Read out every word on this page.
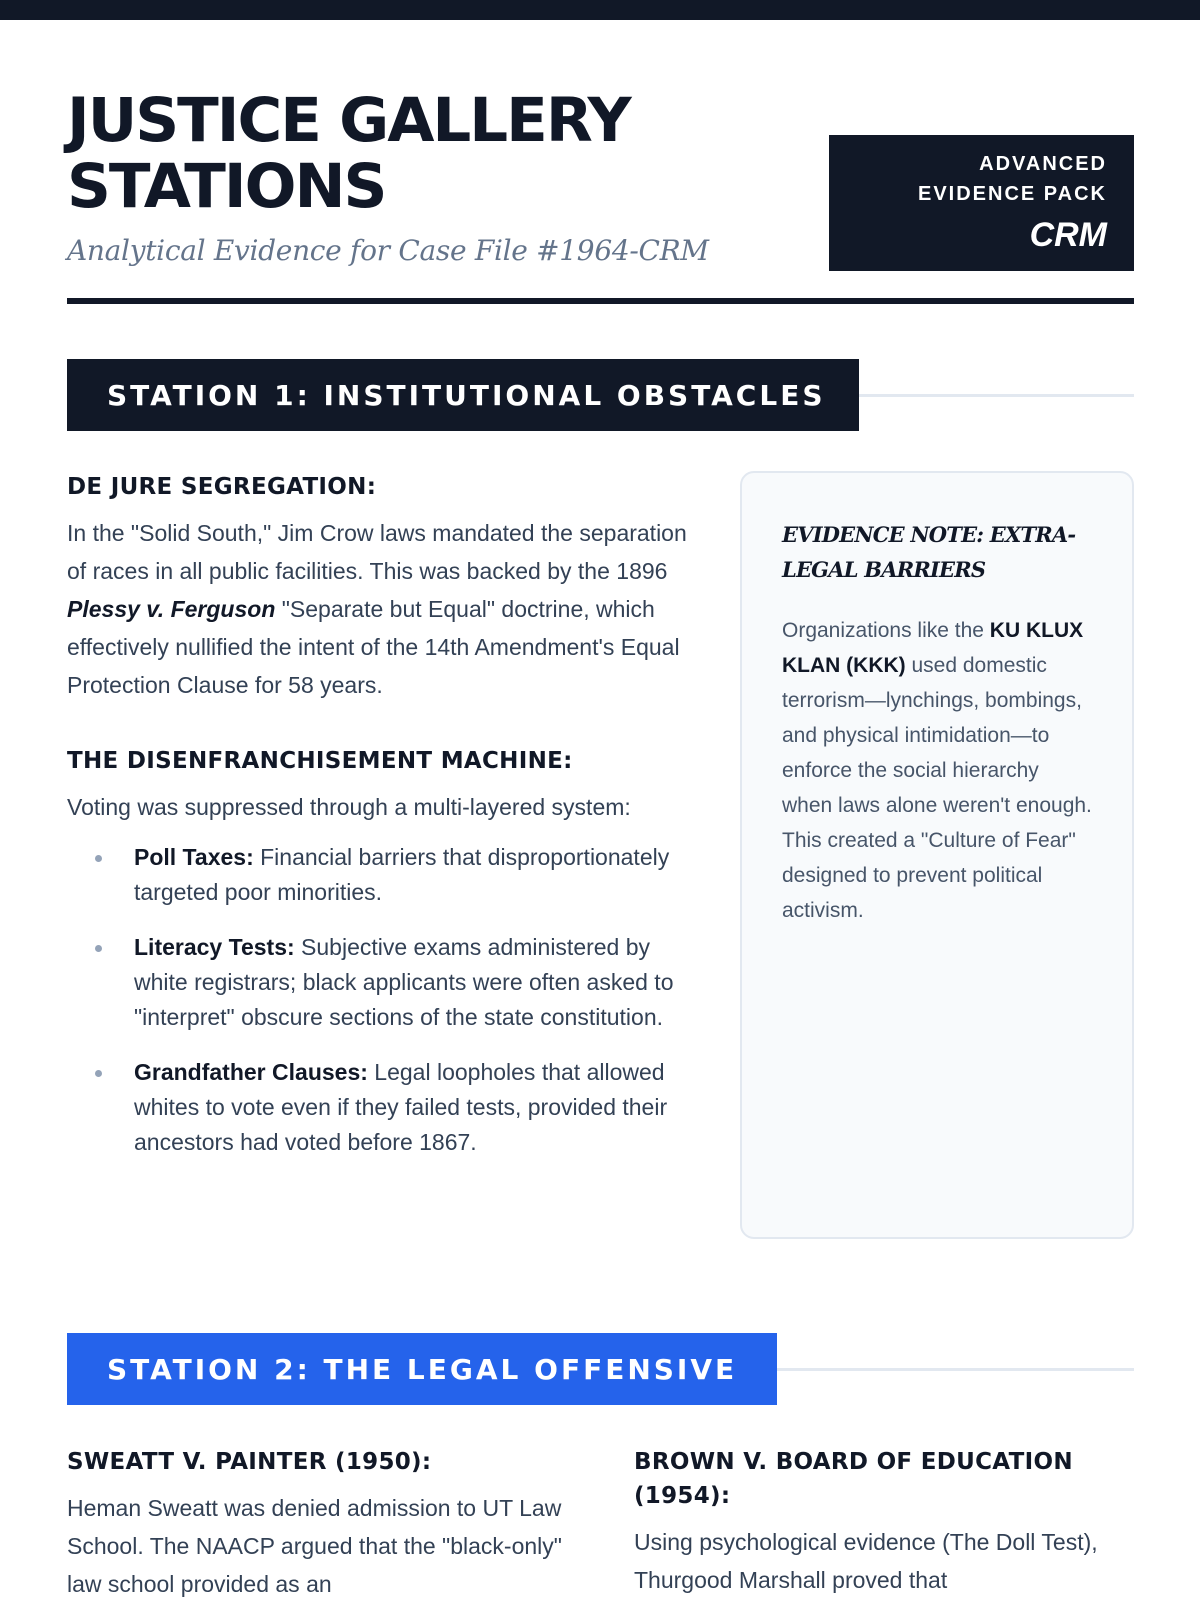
JUSTICE GALLERY
STATIONS
Analytical Evidence for Case File #1964-CRM
ADVANCED
EVIDENCE PACK
CRM
STATION 1: INSTITUTIONAL OBSTACLES
DE JURE SEGREGATION:

In the "Solid South," Jim Crow laws mandated the separation of races in all public facilities. This was backed by the 1896 Plessy v. Ferguson "Separate but Equal" doctrine, which effectively nullified the intent of the 14th Amendment's Equal Protection Clause for 58 years.

THE DISENFRANCHISEMENT MACHINE:

Voting was suppressed through a multi-layered system:

Poll Taxes: Financial barriers that disproportionately targeted poor minorities.
Literacy Tests: Subjective exams administered by white registrars; black applicants were often asked to "interpret" obscure sections of the state constitution.
Grandfather Clauses: Legal loopholes that allowed whites to vote even if they failed tests, provided their ancestors had voted before 1867.
EVIDENCE NOTE: EXTRA-LEGAL BARRIERS

Organizations like the KU KLUX KLAN (KKK) used domestic terrorism—lynchings, bombings, and physical intimidation—to enforce the social hierarchy when laws alone weren't enough. This created a "Culture of Fear" designed to prevent political activism.

STATION 2: THE LEGAL OFFENSIVE
SWEATT V. PAINTER (1950):

Heman Sweatt was denied admission to UT Law School. The NAACP argued that the "black-only" law school provided as an

BROWN V. BOARD OF EDUCATION (1954):

Using psychological evidence (The Doll Test), Thurgood Marshall proved that
